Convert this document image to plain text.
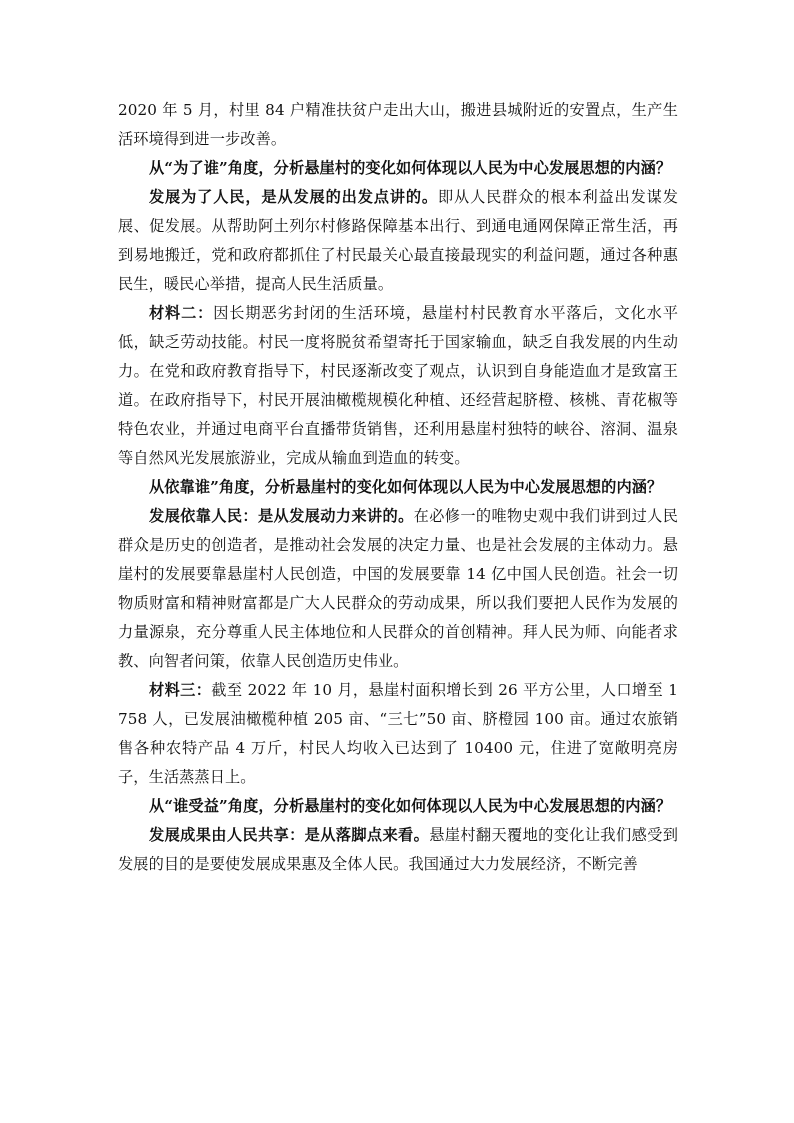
2020 年 5 月，村里 84 户精准扶贫户走出大山，搬进县城附近的安置点，生产生活环境得到进一步改善。

从“为了谁”角度，分析悬崖村的变化如何体现以人民为中心发展思想的内涵？

发展为了人民，是从发展的出发点讲的。即从人民群众的根本利益出发谋发展、促发展。从帮助阿土列尔村修路保障基本出行、到通电通网保障正常生活，再到易地搬迁，党和政府都抓住了村民最关心最直接最现实的利益问题，通过各种惠民生，暖民心举措，提高人民生活质量。

材料二：因长期恶劣封闭的生活环境，悬崖村村民教育水平落后，文化水平低，缺乏劳动技能。村民一度将脱贫希望寄托于国家输血，缺乏自我发展的内生动力。在党和政府教育指导下，村民逐渐改变了观点，认识到自身能造血才是致富王道。在政府指导下，村民开展油橄榄规模化种植、还经营起脐橙、核桃、青花椒等特色农业，并通过电商平台直播带货销售，还利用悬崖村独特的峡谷、溶洞、温泉等自然风光发展旅游业，完成从输血到造血的转变。

从依靠谁”角度，分析悬崖村的变化如何体现以人民为中心发展思想的内涵？

发展依靠人民：是从发展动力来讲的。在必修一的唯物史观中我们讲到过人民群众是历史的创造者，是推动社会发展的决定力量、也是社会发展的主体动力。悬崖村的发展要靠悬崖村人民创造，中国的发展要靠 14 亿中国人民创造。社会一切物质财富和精神财富都是广大人民群众的劳动成果，所以我们要把人民作为发展的力量源泉，充分尊重人民主体地位和人民群众的首创精神。拜人民为师、向能者求教、向智者问策，依靠人民创造历史伟业。

材料三：截至 2022 年 10 月，悬崖村面积增长到 26 平方公里，人口增至 1758 人，已发展油橄榄种植 205 亩、“三七”50 亩、脐橙园 100 亩。通过农旅销售各种农特产品 4 万斤，村民人均收入已达到了 10400 元，住进了宽敞明亮房子，生活蒸蒸日上。

从“谁受益”角度，分析悬崖村的变化如何体现以人民为中心发展思想的内涵？

发展成果由人民共享：是从落脚点来看。悬崖村翻天覆地的变化让我们感受到发展的目的是要使发展成果惠及全体人民。我国通过大力发展经济，不断完善
